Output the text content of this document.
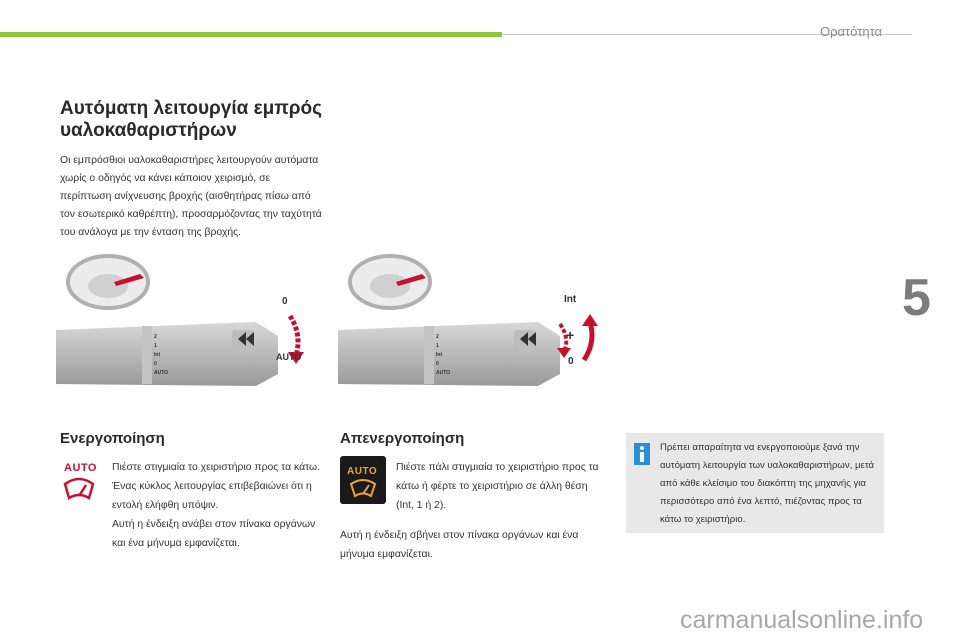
Ορατότητα
5
Αυτόματη λειτουργία εμπρός υαλοκαθαριστήρων

Οι εμπρόσθιοι υαλοκαθαριστήρες λειτουργούν αυτόματα χωρίς ο οδηγός να κάνει κάποιον χειρισμό, σε περίπτωση ανίχνευσης βροχής (αισθητήρας πίσω από τον εσωτερικό καθρέπτη), προσαρμόζοντας την ταχύτητά του ανάλογα με την ένταση της βροχής.

2
1
Int
0
AUTO
0
AUTO
2
1
Int
0
AUTO
+
Int
0
Ενεργοποίηση
AUTO Πιέστε στιγμιαία το χειριστήριο προς τα κάτω.
Ένας κύκλος λειτουργίας επιβεβαιώνει ότι η εντολή ελήφθη υπόψιν.
Αυτή η ένδειξη ανάβει στον πίνακα οργάνων και ένα μήνυμα εμφανίζεται.

Απενεργοποίηση
AUTO Πιέστε πάλι στιγμιαία το χειριστήριο προς τα κάτω ή φέρτε το χειριστήριο σε άλλη θέση (Int, 1 ή 2).

Αυτή η ένδειξη σβήνει στον πίνακα οργάνων και ένα μήνυμα εμφανίζεται.

Πρέπει απαραίτητα να ενεργοποιούμε ξανά την αυτόματη λειτουργία των υαλοκαθαριστήρων, μετά από κάθε κλείσιμο του διακόπτη της μηχανής για περισσότερο από ένα λεπτό, πιέζοντας προς τα κάτω το χειριστήριο.

carmanualsonline.info
